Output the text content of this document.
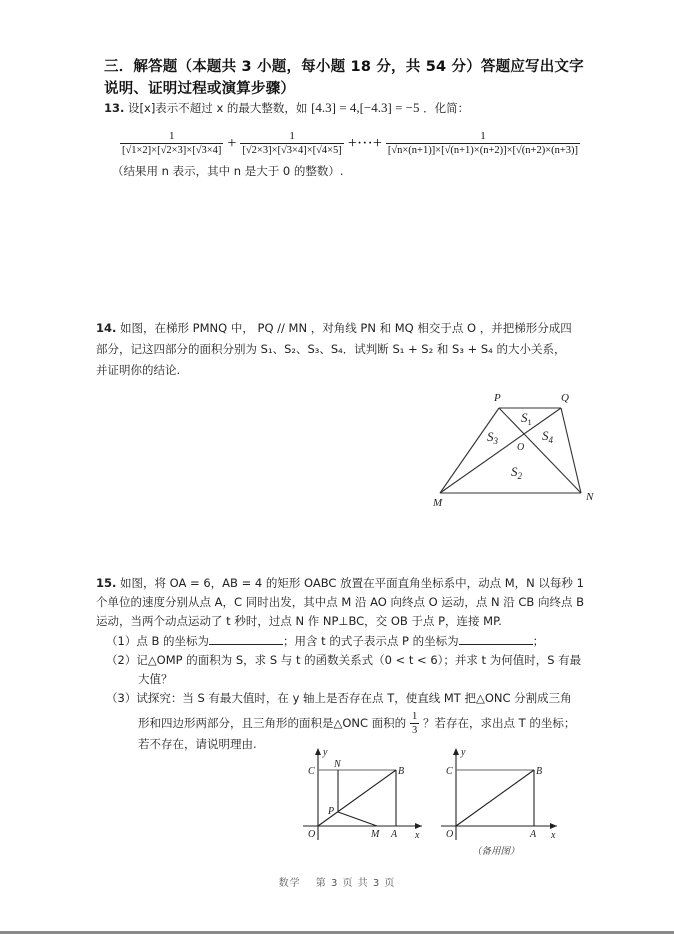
三．解答题（本题共 3 小题，每小题 18 分，共 54 分）答题应写出文字说明、证明过程或演算步骤）
13. 设[x]表示不超过 x 的最大整数，如 [4.3] = 4,[−4.3] = −5 ．化简：
$\frac{1}{[√1\times 2]\times[√2\times 3]\times[√3\times 4]} + \frac{1}{[√2\times 3]\times[√3\times 4]\times[√4\times 5]}$ +···+ $\frac{1}{[√n\times(n+1)]\times[√(n+1)\times(n+2)]\times[√(n+2)\times(n+3)]}$
（结果用 n 表示，其中 n 是大于 0 的整数）.
14. 如图，在梯形 PMNQ 中， PQ // MN ，对角线 PN 和 MQ 相交于点 O ，并把梯形分成四
部分，记这四部分的面积分别为 S₁、S₂、S₃、S₄．试判断 S₁ + S₂ 和 S₃ + S₄ 的大小关系，
并证明你的结论.
P	Q
M	N
O
$S_1$
$S_3$	$S_4$
$S_2$
15. 如图，将 OA = 6，AB = 4 的矩形 OABC 放置在平面直角坐标系中，动点 M，N 以每秒 1
个单位的速度分别从点 A，C 同时出发，其中点 M 沿 AO 向终点 O 运动，点 N 沿 CB 向终点 B
运动，当两个动点运动了 t 秒时，过点 N 作 NP⊥BC，交 OB 于点 P，连接 MP.
（1）点 B 的坐标为	；用含 t 的式子表示点 P 的坐标为	；
（2）记△OMP 的面积为 S，求 S 与 t 的函数关系式（0 < t < 6）；并求 t 为何值时，S 有最
大值？
（3）试探究：当 S 有最大值时，在 y 轴上是否存在点 T，使直线 MT 把△ONC 分割成三角
形和四边形两部分，且三角形的面积是△ONC 面积的 $\frac{1}{3}$ ？若存在，求出点 T 的坐标；
若不存在，请说明理由.
y
x
C
N
B
P
O	M A
y
x
C	B
O	A
（备用图）
数学　 第 3 页 共 3 页
